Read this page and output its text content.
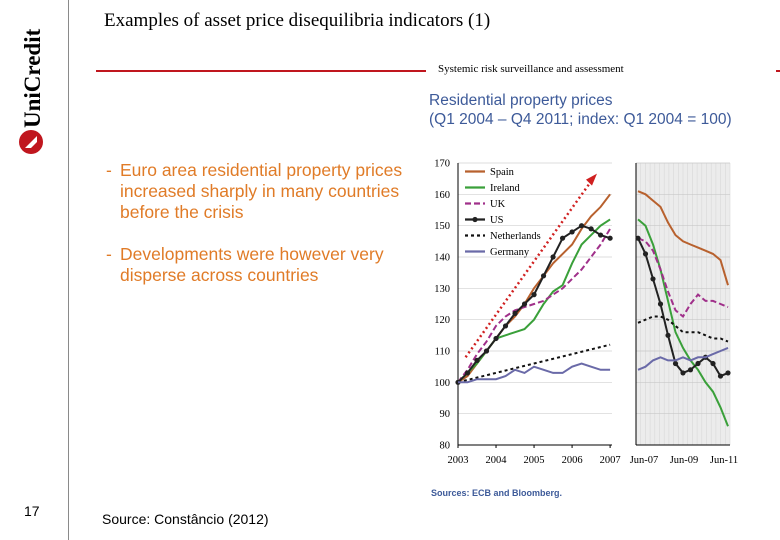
UniCredit
Examples of asset price disequilibria indicators (1)
Systemic risk surveillance and assessment
Residential property prices
(Q1 2004 – Q4 2011; index: Q1 2004 = 100)
- Euro area residential property prices increased sharply in many countries before the crisis
- Developments were however very disperse across countries
80
90
100
110
120
130
140
150
160
170
2003 2004 2005 2006 2007 Jun-07 Jun-09 Jun-11
Spain
Ireland
UK
US
Netherlands
Germany
Sources: ECB and Bloomberg.
17	Source: Constâncio (2012)
